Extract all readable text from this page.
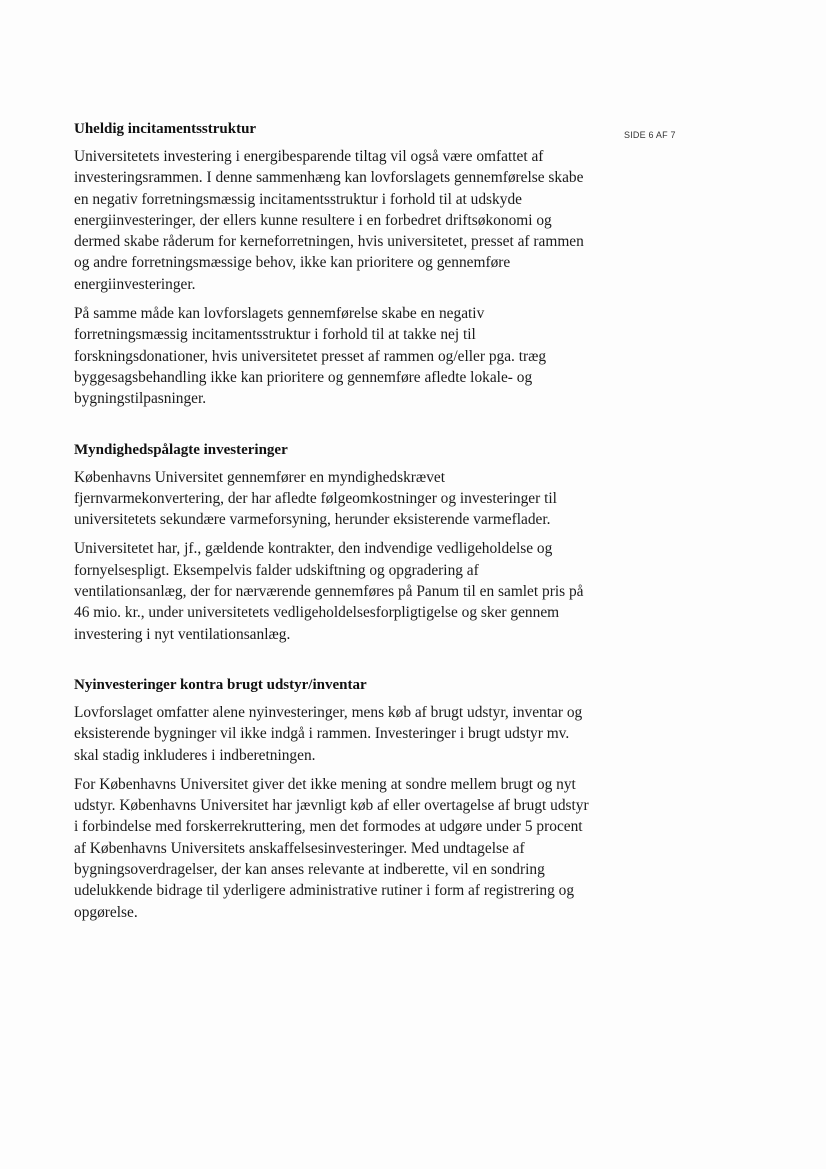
SIDE 6 AF 7
Uheldig incitamentsstruktur

Universitetets investering i energibesparende tiltag vil også være omfattet af investeringsrammen. I denne sammenhæng kan lovforslagets gennemførelse skabe en negativ forretningsmæssig incitamentsstruktur i forhold til at udskyde energiinvesteringer, der ellers kunne resultere i en forbedret driftsøkonomi og dermed skabe råderum for kerneforretningen, hvis universitetet, presset af rammen og andre forretningsmæssige behov, ikke kan prioritere og gennemføre energiinvesteringer.

På samme måde kan lovforslagets gennemførelse skabe en negativ forretningsmæssig incitamentsstruktur i forhold til at takke nej til forskningsdonationer, hvis universitetet presset af rammen og/eller pga. træg byggesagsbehandling ikke kan prioritere og gennemføre afledte lokale- og bygningstilpasninger.

Myndighedspålagte investeringer

Københavns Universitet gennemfører en myndighedskrævet fjernvarmekonvertering, der har afledte følgeomkostninger og investeringer til universitetets sekundære varmeforsyning, herunder eksisterende varmeflader.

Universitetet har, jf., gældende kontrakter, den indvendige vedligeholdelse og fornyelsespligt. Eksempelvis falder udskiftning og opgradering af ventilationsanlæg, der for nærværende gennemføres på Panum til en samlet pris på 46 mio. kr., under universitetets vedligeholdelsesforpligtigelse og sker gennem investering i nyt ventilationsanlæg.

Nyinvesteringer kontra brugt udstyr/inventar

Lovforslaget omfatter alene nyinvesteringer, mens køb af brugt udstyr, inventar og eksisterende bygninger vil ikke indgå i rammen. Investeringer i brugt udstyr mv. skal stadig inkluderes i indberetningen.

For Københavns Universitet giver det ikke mening at sondre mellem brugt og nyt udstyr. Københavns Universitet har jævnligt køb af eller overtagelse af brugt udstyr i forbindelse med forskerrekruttering, men det formodes at udgøre under 5 procent af Københavns Universitets anskaffelsesinvesteringer. Med undtagelse af bygningsoverdragelser, der kan anses relevante at indberette, vil en sondring udelukkende bidrage til yderligere administrative rutiner i form af registrering og opgørelse.
